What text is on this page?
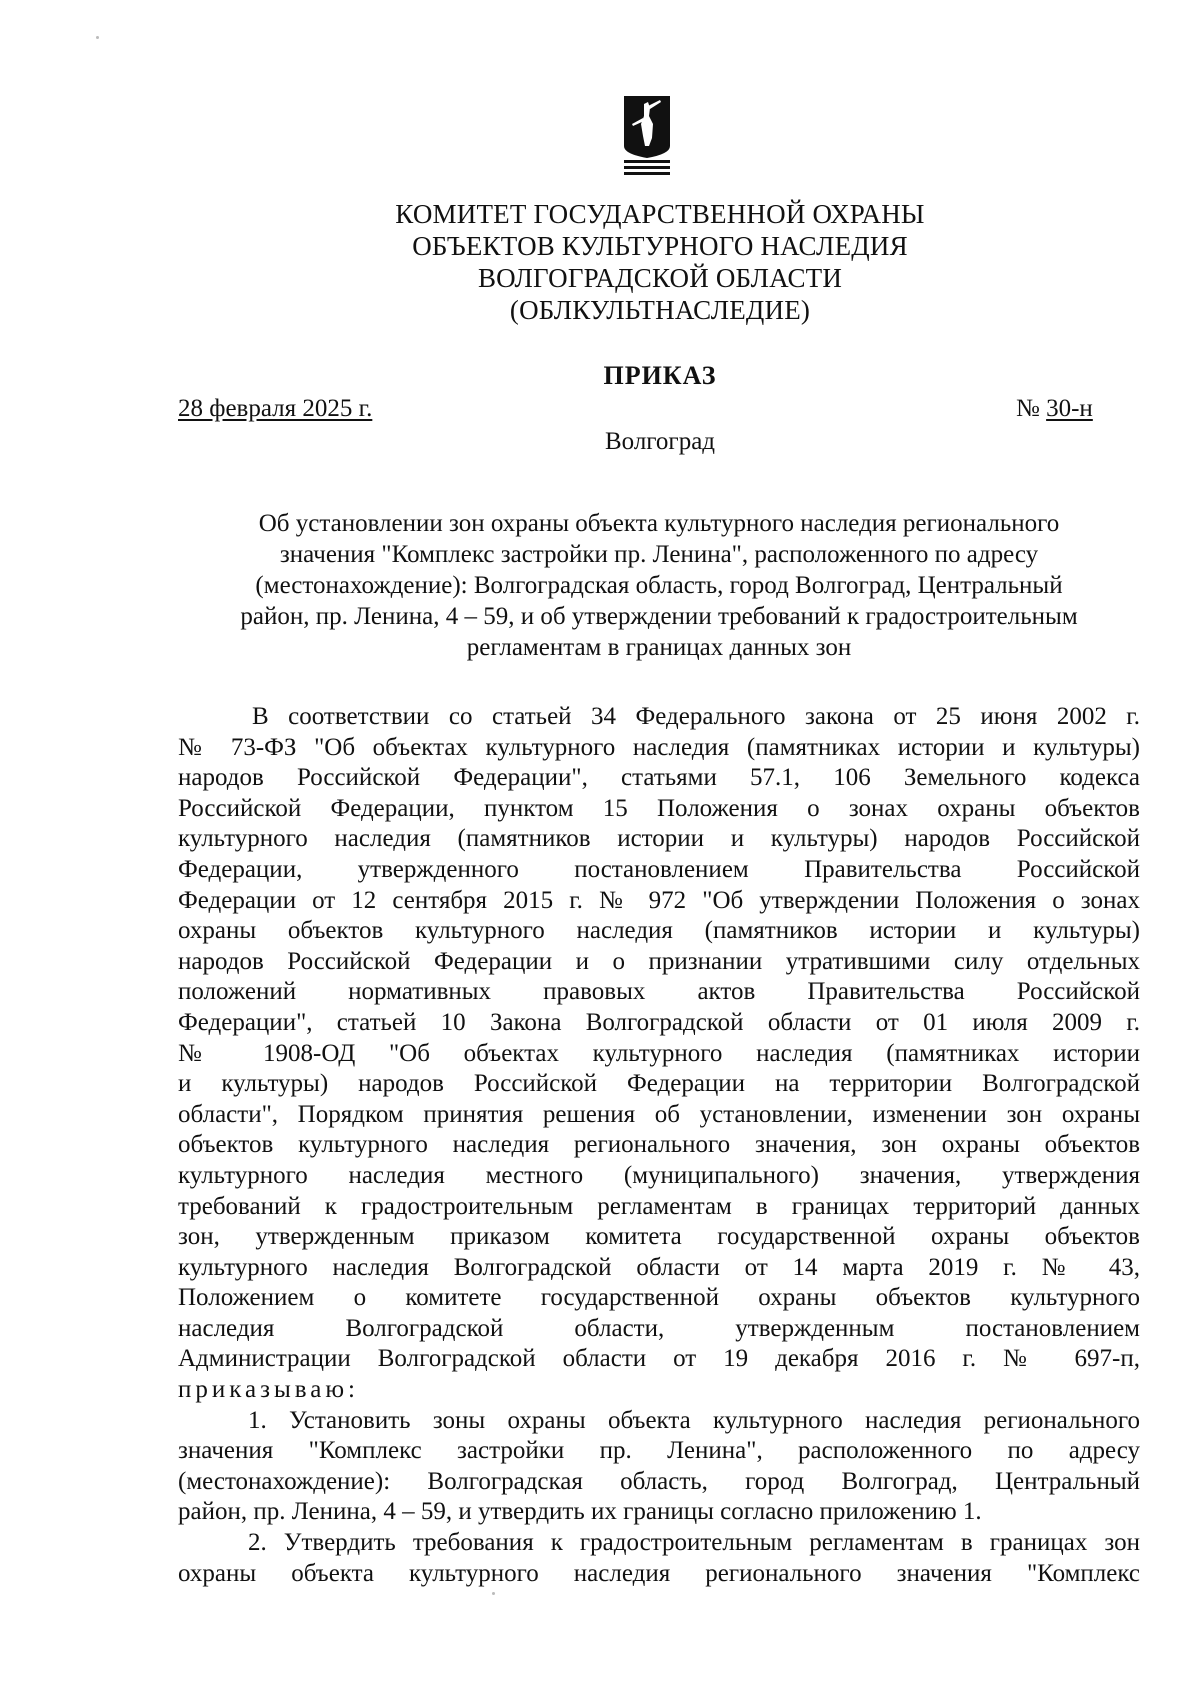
КОМИТЕТ ГОСУДАРСТВЕННОЙ ОХРАНЫ
ОБЪЕКТОВ КУЛЬТУРНОГО НАСЛЕДИЯ
ВОЛГОГРАДСКОЙ ОБЛАСТИ
(ОБЛКУЛЬТНАСЛЕДИЕ)
ПРИКАЗ
28 февраля 2025 г.	№ 30-н
Волгоград
Об установлении зон охраны объекта культурного наследия регионального
значения "Комплекс застройки пр. Ленина", расположенного по адресу
(местонахождение): Волгоградская область, город Волгоград, Центральный
район, пр. Ленина, 4 – 59, и об утверждении требований к градостроительным
регламентам в границах данных зон
В соответствии со статьей 34 Федерального закона от 25 июня 2002 г.
№ 73-ФЗ "Об объектах культурного наследия (памятниках истории и культуры)
народов Российской Федерации", статьями 57.1, 106 Земельного кодекса
Российской Федерации, пунктом 15 Положения о зонах охраны объектов
культурного наследия (памятников истории и культуры) народов Российской
Федерации, утвержденного постановлением Правительства Российской
Федерации от 12 сентября 2015 г. № 972 "Об утверждении Положения о зонах
охраны объектов культурного наследия (памятников истории и культуры)
народов Российской Федерации и о признании утратившими силу отдельных
положений нормативных правовых актов Правительства Российской
Федерации", статьей 10 Закона Волгоградской области от 01 июля 2009 г.
№ 1908-ОД "Об объектах культурного наследия (памятниках истории
и культуры) народов Российской Федерации на территории Волгоградской
области", Порядком принятия решения об установлении, изменении зон охраны
объектов культурного наследия регионального значения, зон охраны объектов
культурного наследия местного (муниципального) значения, утверждения
требований к градостроительным регламентам в границах территорий данных
зон, утвержденным приказом комитета государственной охраны объектов
культурного наследия Волгоградской области от 14 марта 2019 г. № 43,
Положением о комитете государственной охраны объектов культурного
наследия Волгоградской области, утвержденным постановлением
Администрации Волгоградской области от 19 декабря 2016 г. № 697-п,
приказываю:
1. Установить зоны охраны объекта культурного наследия регионального
значения "Комплекс застройки пр. Ленина", расположенного по адресу
(местонахождение): Волгоградская область, город Волгоград, Центральный
район, пр. Ленина, 4 – 59, и утвердить их границы согласно приложению 1.
2. Утвердить требования к градостроительным регламентам в границах зон
охраны объекта культурного наследия регионального значения "Комплекс
